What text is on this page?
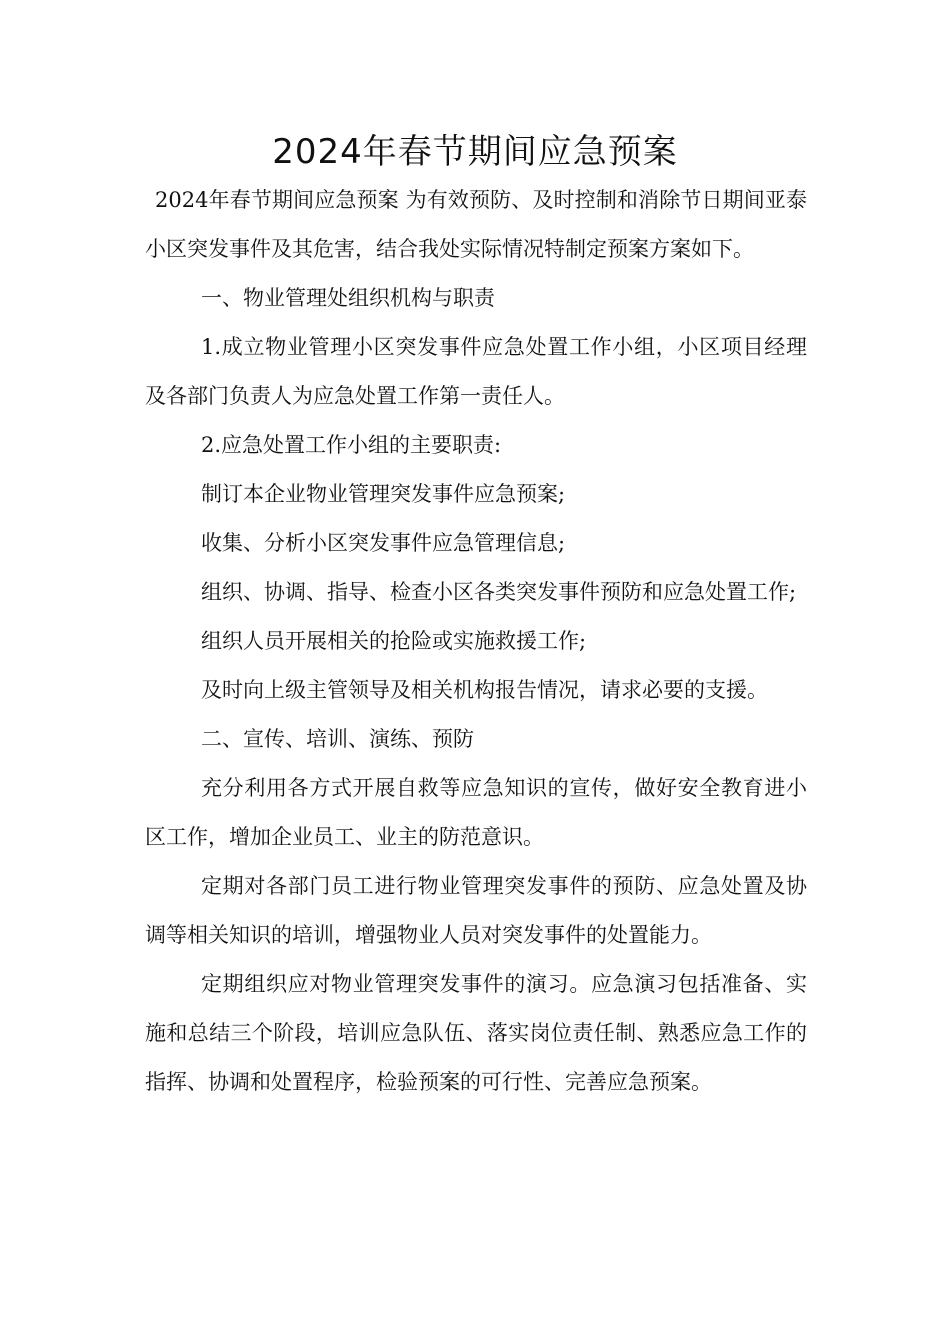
2024年春节期间应急预案

2024年春节期间应急预案 为有效预防、及时控制和消除节日期间亚泰小区突发事件及其危害，结合我处实际情况特制定预案方案如下。

一、物业管理处组织机构与职责

1.成立物业管理小区突发事件应急处置工作小组，小区项目经理及各部门负责人为应急处置工作第一责任人。

2.应急处置工作小组的主要职责:

制订本企业物业管理突发事件应急预案;

收集、分析小区突发事件应急管理信息;

组织、协调、指导、检查小区各类突发事件预防和应急处置工作;

组织人员开展相关的抢险或实施救援工作;

及时向上级主管领导及相关机构报告情况，请求必要的支援。

二、宣传、培训、演练、预防

充分利用各方式开展自救等应急知识的宣传，做好安全教育进小区工作，增加企业员工、业主的防范意识。

定期对各部门员工进行物业管理突发事件的预防、应急处置及协调等相关知识的培训，增强物业人员对突发事件的处置能力。

定期组织应对物业管理突发事件的演习。应急演习包括准备、实施和总结三个阶段，培训应急队伍、落实岗位责任制、熟悉应急工作的指挥、协调和处置程序，检验预案的可行性、完善应急预案。
